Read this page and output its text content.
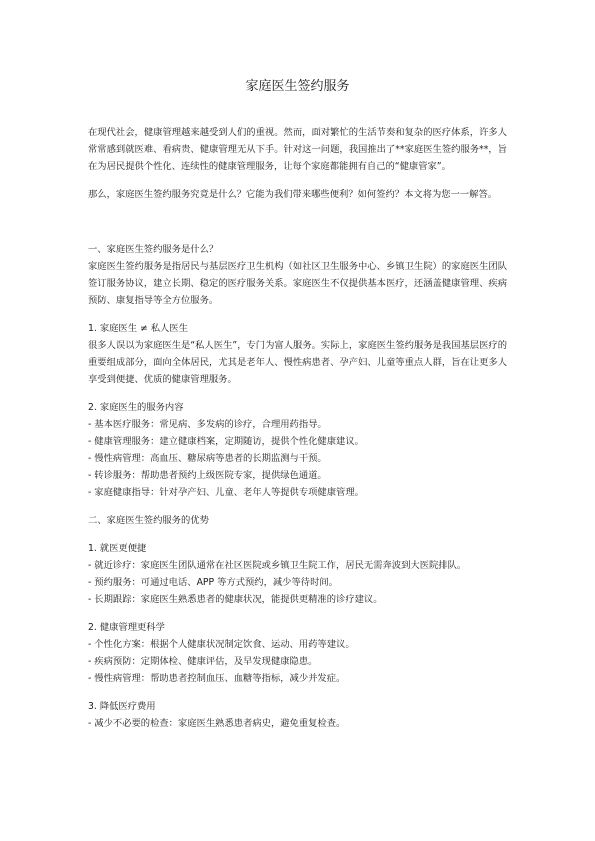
家庭医生签约服务

在现代社会，健康管理越来越受到人们的重视。然而，面对繁忙的生活节奏和复杂的医疗体系，许多人常常感到就医难、看病贵、健康管理无从下手。针对这一问题，我国推出了**家庭医生签约服务**，旨在为居民提供个性化、连续性的健康管理服务，让每个家庭都能拥有自己的“健康管家”。

那么，家庭医生签约服务究竟是什么？它能为我们带来哪些便利？如何签约？本文将为您一一解答。

一、家庭医生签约服务是什么？

家庭医生签约服务是指居民与基层医疗卫生机构（如社区卫生服务中心、乡镇卫生院）的家庭医生团队签订服务协议，建立长期、稳定的医疗服务关系。家庭医生不仅提供基本医疗，还涵盖健康管理、疾病预防、康复指导等全方位服务。

1. 家庭医生 ≠ 私人医生

很多人误以为家庭医生是“私人医生”，专门为富人服务。实际上，家庭医生签约服务是我国基层医疗的重要组成部分，面向全体居民，尤其是老年人、慢性病患者、孕产妇、儿童等重点人群，旨在让更多人享受到便捷、优质的健康管理服务。

2. 家庭医生的服务内容

- 基本医疗服务：常见病、多发病的诊疗，合理用药指导。

- 健康管理服务：建立健康档案，定期随访，提供个性化健康建议。

- 慢性病管理：高血压、糖尿病等患者的长期监测与干预。

- 转诊服务：帮助患者预约上级医院专家，提供绿色通道。

- 家庭健康指导：针对孕产妇、儿童、老年人等提供专项健康管理。

二、家庭医生签约服务的优势

1. 就医更便捷

- 就近诊疗：家庭医生团队通常在社区医院或乡镇卫生院工作，居民无需奔波到大医院排队。

- 预约服务：可通过电话、APP 等方式预约，减少等待时间。

- 长期跟踪：家庭医生熟悉患者的健康状况，能提供更精准的诊疗建议。

2. 健康管理更科学

- 个性化方案：根据个人健康状况制定饮食、运动、用药等建议。

- 疾病预防：定期体检、健康评估，及早发现健康隐患。

- 慢性病管理：帮助患者控制血压、血糖等指标，减少并发症。

3. 降低医疗费用

- 减少不必要的检查：家庭医生熟悉患者病史，避免重复检查。
